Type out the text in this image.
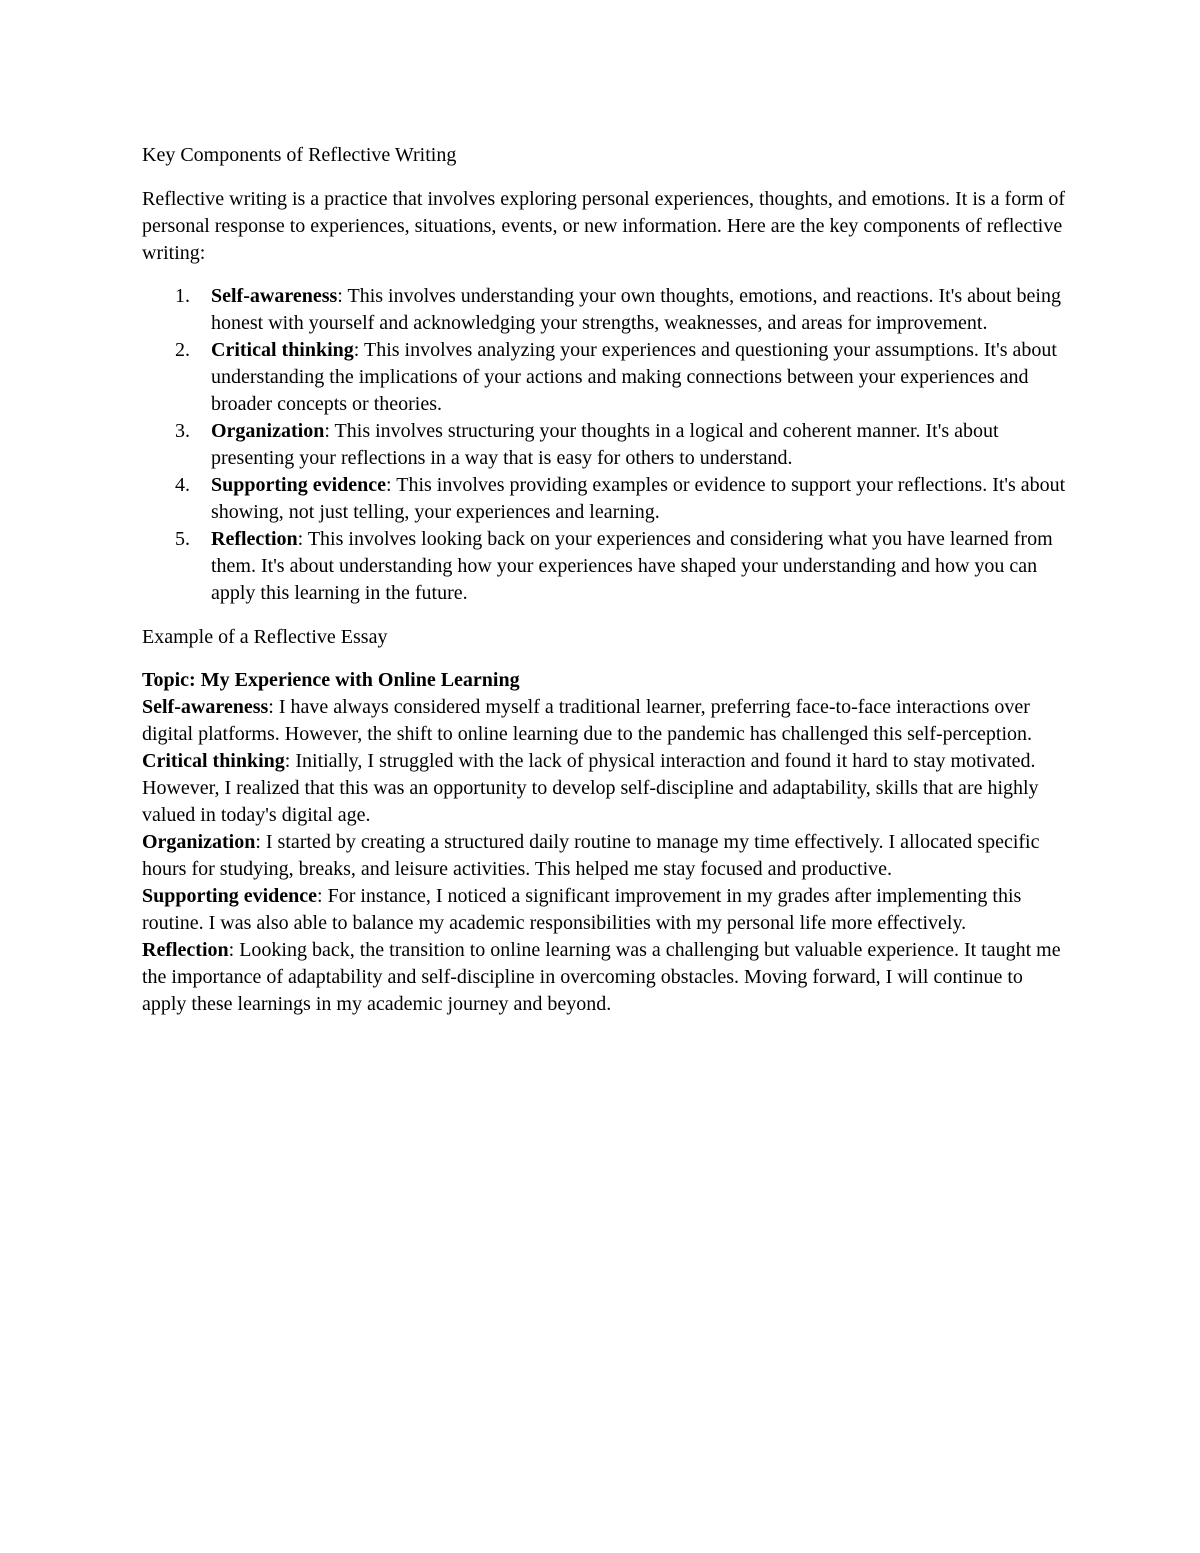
Key Components of Reflective Writing

Reflective writing is a practice that involves exploring personal experiences, thoughts, and emotions. It is a form of personal response to experiences, situations, events, or new information. Here are the key components of reflective writing:

1.	Self-awareness: This involves understanding your own thoughts, emotions, and reactions. It's about being honest with yourself and acknowledging your strengths, weaknesses, and areas for improvement.
2.	Critical thinking: This involves analyzing your experiences and questioning your assumptions. It's about understanding the implications of your actions and making connections between your experiences and broader concepts or theories.
3.	Organization: This involves structuring your thoughts in a logical and coherent manner. It's about presenting your reflections in a way that is easy for others to understand.
4.	Supporting evidence: This involves providing examples or evidence to support your reflections. It's about showing, not just telling, your experiences and learning.
5.	Reflection: This involves looking back on your experiences and considering what you have learned from them. It's about understanding how your experiences have shaped your understanding and how you can apply this learning in the future.

Example of a Reflective Essay

Topic: My Experience with Online Learning

Self-awareness: I have always considered myself a traditional learner, preferring face-to-face interactions over digital platforms. However, the shift to online learning due to the pandemic has challenged this self-perception.

Critical thinking: Initially, I struggled with the lack of physical interaction and found it hard to stay motivated. However, I realized that this was an opportunity to develop self-discipline and adaptability, skills that are highly valued in today's digital age.

Organization: I started by creating a structured daily routine to manage my time effectively. I allocated specific hours for studying, breaks, and leisure activities. This helped me stay focused and productive.

Supporting evidence: For instance, I noticed a significant improvement in my grades after implementing this routine. I was also able to balance my academic responsibilities with my personal life more effectively.

Reflection: Looking back, the transition to online learning was a challenging but valuable experience. It taught me the importance of adaptability and self-discipline in overcoming obstacles. Moving forward, I will continue to apply these learnings in my academic journey and beyond.
